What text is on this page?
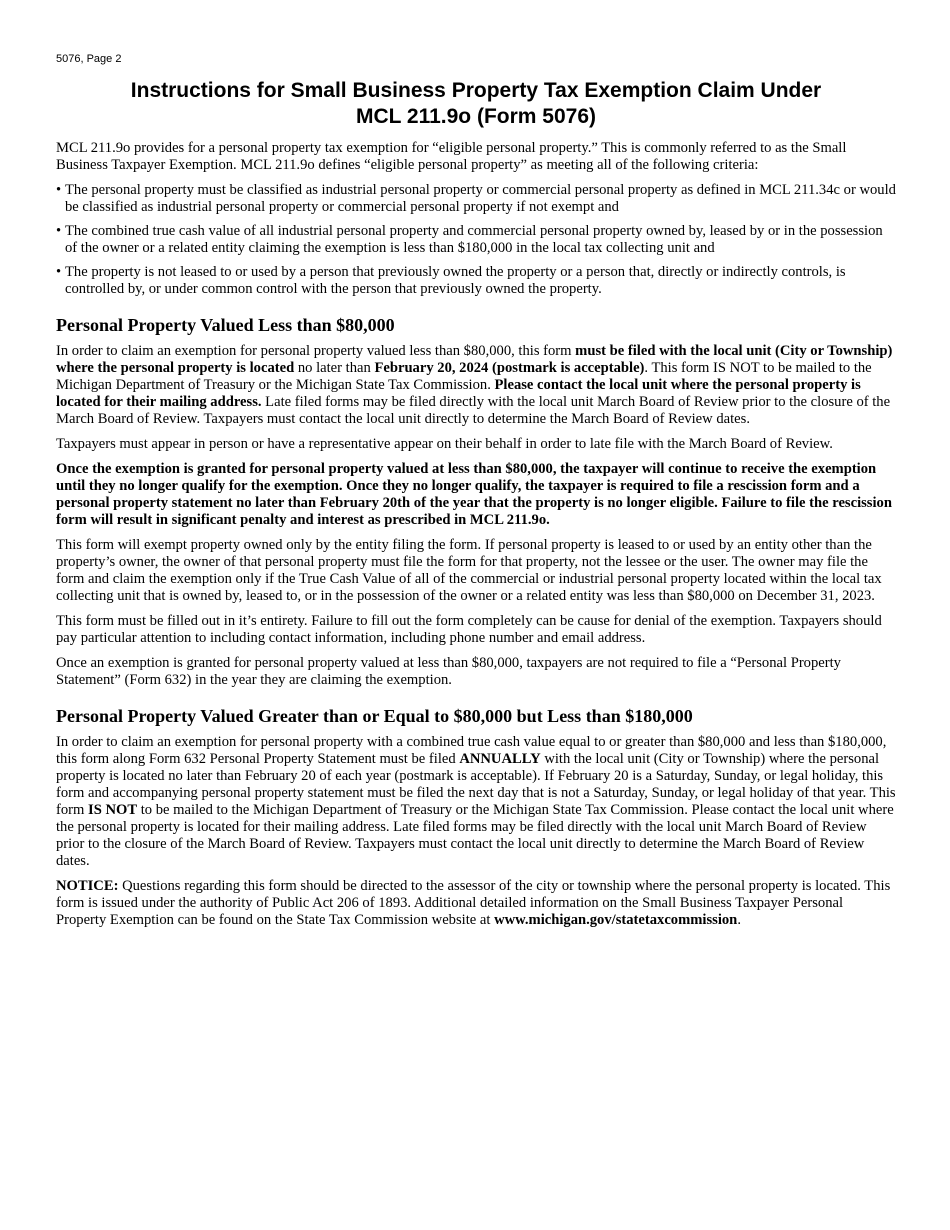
5076, Page 2

Instructions for Small Business Property Tax Exemption Claim Under
MCL 211.9o (Form 5076)

MCL 211.9o provides for a personal property tax exemption for “eligible personal property.” This is commonly referred to as the Small Business Taxpayer Exemption. MCL 211.9o defines “eligible personal property” as meeting all of the following criteria:

• The personal property must be classified as industrial personal property or commercial personal property as defined in MCL 211.34c or would be classified as industrial personal property or commercial personal property if not exempt and
• The combined true cash value of all industrial personal property and commercial personal property owned by, leased by or in the possession of the owner or a related entity claiming the exemption is less than $180,000 in the local tax collecting unit and
• The property is not leased to or used by a person that previously owned the property or a person that, directly or indirectly controls, is controlled by, or under common control with the person that previously owned the property.
Personal Property Valued Less than $80,000

In order to claim an exemption for personal property valued less than $80,000, this form must be filed with the local unit (City or Township) where the personal property is located no later than February 20, 2024 (postmark is acceptable). This form IS NOT to be mailed to the Michigan Department of Treasury or the Michigan State Tax Commission. Please contact the local unit where the personal property is located for their mailing address. Late filed forms may be filed directly with the local unit March Board of Review prior to the closure of the March Board of Review. Taxpayers must contact the local unit directly to determine the March Board of Review dates.

Taxpayers must appear in person or have a representative appear on their behalf in order to late file with the March Board of Review.

Once the exemption is granted for personal property valued at less than $80,000, the taxpayer will continue to receive the exemption until they no longer qualify for the exemption. Once they no longer qualify, the taxpayer is required to file a rescission form and a personal property statement no later than February 20th of the year that the property is no longer eligible. Failure to file the rescission form will result in significant penalty and interest as prescribed in MCL 211.9o.

This form will exempt property owned only by the entity filing the form. If personal property is leased to or used by an entity other than the property’s owner, the owner of that personal property must file the form for that property, not the lessee or the user. The owner may file the form and claim the exemption only if the True Cash Value of all of the commercial or industrial personal property located within the local tax collecting unit that is owned by, leased to, or in the possession of the owner or a related entity was less than $80,000 on December 31, 2023.

This form must be filled out in it’s entirety. Failure to fill out the form completely can be cause for denial of the exemption. Taxpayers should pay particular attention to including contact information, including phone number and email address.

Once an exemption is granted for personal property valued at less than $80,000, taxpayers are not required to file a “Personal Property Statement” (Form 632) in the year they are claiming the exemption.

Personal Property Valued Greater than or Equal to $80,000 but Less than $180,000

In order to claim an exemption for personal property with a combined true cash value equal to or greater than $80,000 and less than $180,000, this form along Form 632 Personal Property Statement must be filed ANNUALLY with the local unit (City or Township) where the personal property is located no later than February 20 of each year (postmark is acceptable). If February 20 is a Saturday, Sunday, or legal holiday, this form and accompanying personal property statement must be filed the next day that is not a Saturday, Sunday, or legal holiday of that year. This form IS NOT to be mailed to the Michigan Department of Treasury or the Michigan State Tax Commission. Please contact the local unit where the personal property is located for their mailing address. Late filed forms may be filed directly with the local unit March Board of Review prior to the closure of the March Board of Review. Taxpayers must contact the local unit directly to determine the March Board of Review dates.

NOTICE: Questions regarding this form should be directed to the assessor of the city or township where the personal property is located. This form is issued under the authority of Public Act 206 of 1893. Additional detailed information on the Small Business Taxpayer Personal Property Exemption can be found on the State Tax Commission website at www.michigan.gov/statetaxcommission.
